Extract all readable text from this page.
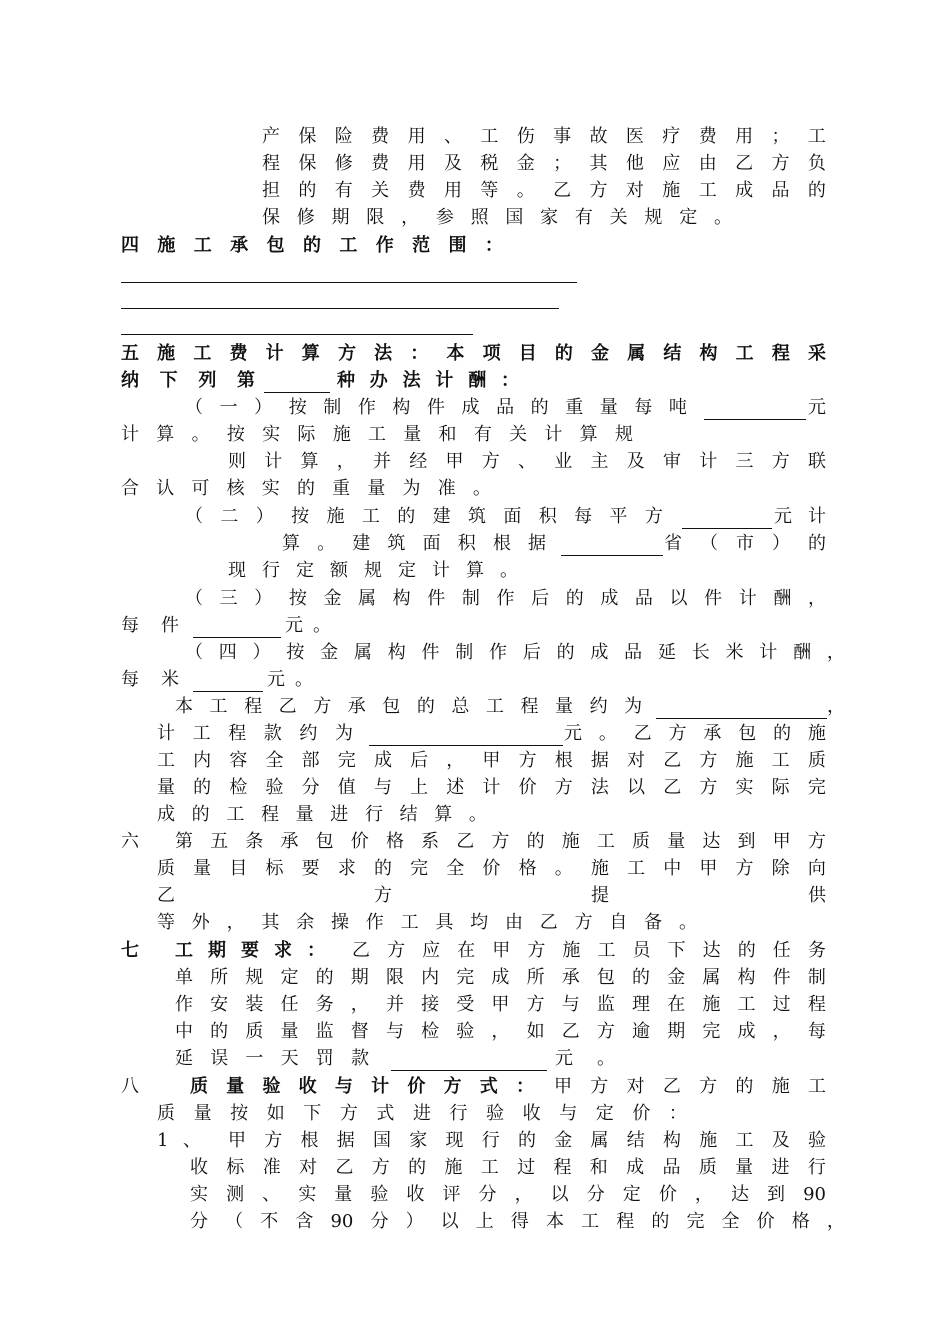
产 保 险 费 用 、 工 伤 事 故 医 疗 费 用 ； 工
程 保 修 费 用 及 税 金 ； 其 他 应 由 乙 方 负
担 的 有 关 费 用 等 。 乙 方 对 施 工 成 品 的
保 修 期 限 ， 参 照 国 家 有 关 规 定 。
四 施 工 承 包 的 工 作 范 围 ：
五 施 工 费 计 算 方 法 ： 本 项 目 的 金 属 结 构 工 程 采
纳 下 列 第	种 办 法 计 酬 ：
（ 一 ） 按 制 作 构 件 成 品 的 重 量 每 吨	元
计 算 。 按 实 际 施 工 量 和 有 关 计 算 规
则 计 算 ， 并 经 甲 方 、 业 主 及 审 计 三 方 联
合 认 可 核 实 的 重 量 为 准 。
（ 二 ） 按 施 工 的 建 筑 面 积 每 平 方	元 计
算 。 建 筑 面 积 根 据	省 （ 市 ） 的
现 行 定 额 规 定 计 算 。
（ 三 ） 按 金 属 构 件 制 作 后 的 成 品 以 件 计 酬 ，
每 件	元 。
（ 四 ） 按 金 属 构 件 制 作 后 的 成 品 延 长 米 计 酬 ，
每 米	元 。
本 工 程 乙 方 承 包 的 总 工 程 量 约 为	，
计 工 程 款 约 为	元 。 乙 方 承 包 的 施
工 内 容 全 部 完 成 后 ， 甲 方 根 据 对 乙 方 施 工 质
量 的 检 验 分 值 与 上 述 计 价 方 法 以 乙 方 实 际 完
成 的 工 程 量 进 行 结 算 。
六 第 五 条 承 包 价 格 系 乙 方 的 施 工 质 量 达 到 甲 方
质 量 目 标 要 求 的 完 全 价 格 。 施 工 中 甲 方 除 向
乙	方	提	供
等 外 ， 其 余 操 作 工 具 均 由 乙 方 自 备 。
七 工 期 要 求 ： 乙 方 应 在 甲 方 施 工 员 下 达 的 任 务
单 所 规 定 的 期 限 内 完 成 所 承 包 的 金 属 构 件 制
作 安 装 任 务 ， 并 接 受 甲 方 与 监 理 在 施 工 过 程
中 的 质 量 监 督 与 检 验 ， 如 乙 方 逾 期 完 成 ， 每
延 误 一 天 罚 款	元 。
八	质 量 验 收 与 计 价 方 式 ： 甲 方 对 乙 方 的 施 工
质 量 按 如 下 方 式 进 行 验 收 与 定 价 ：
1 、 甲 方 根 据 国 家 现 行 的 金 属 结 构 施 工 及 验
收 标 准 对 乙 方 的 施 工 过 程 和 成 品 质 量 进 行
实 测 、 实 量 验 收 评 分 ， 以 分 定 价 ， 达 到 90
分 （ 不 含 90 分 ） 以 上 得 本 工 程 的 完 全 价 格 ，
